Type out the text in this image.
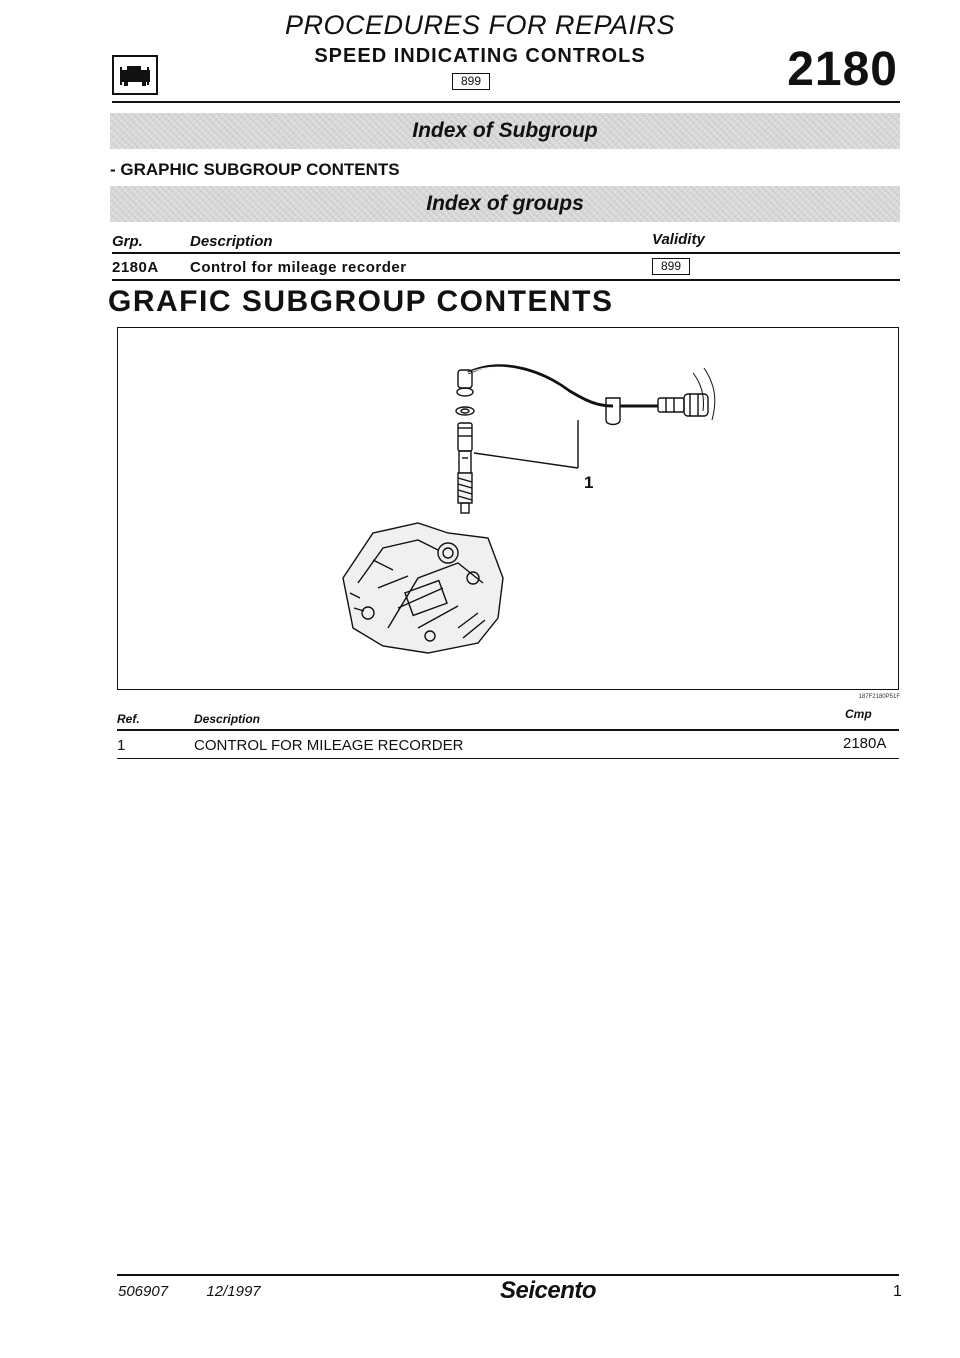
PROCEDURES FOR REPAIRS
SPEED INDICATING CONTROLS
899	2180
Index of Subgroup
- GRAPHIC SUBGROUP CONTENTS
Index of groups
Grp.	Description	Validity
2180A Control for mileage recorder	899
GRAFIC SUBGROUP CONTENTS
1
187F2180P51F
Ref.	Description	Cmp
1	CONTROL FOR MILEAGE RECORDER	2180A
506907	12/1997	Seicento	1
